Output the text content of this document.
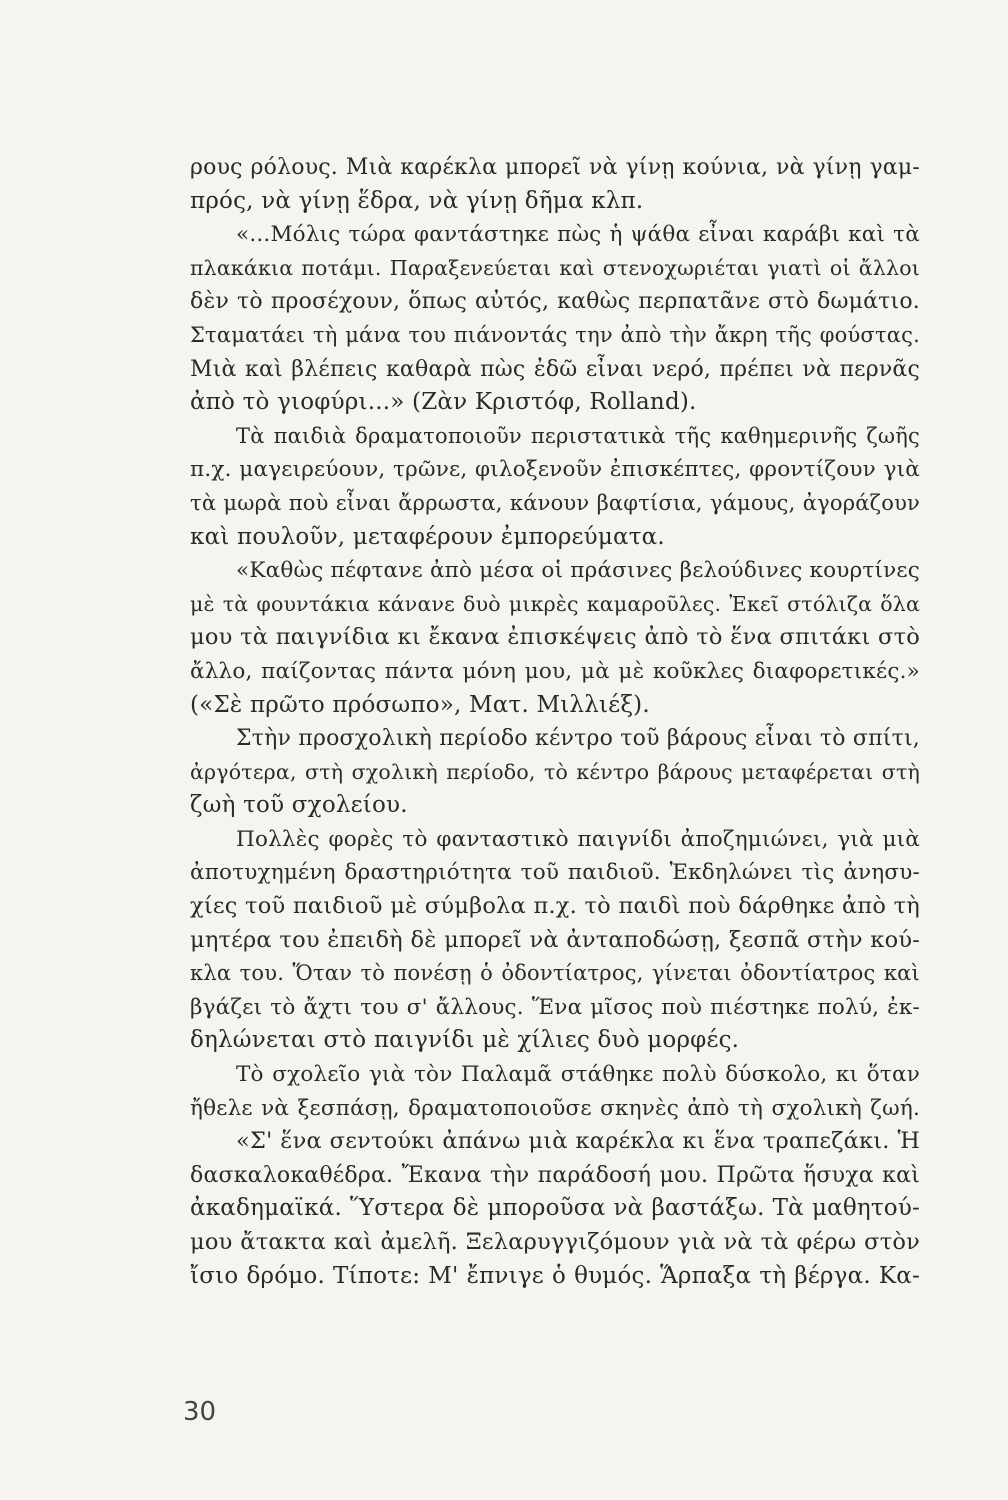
ρους ρόλους. Μιὰ καρέκλα μπορεῖ νὰ γίνῃ κούνια, νὰ γίνῃ γαμ-
πρός, νὰ γίνῃ ἕδρα, νὰ γίνῃ δῆμα κλπ.
«...Μόλις τώρα φαντάστηκε πὼς ἡ ψάθα εἶναι καράβι καὶ τὰ
πλακάκια ποτάμι. Παραξενεύεται καὶ στενοχωριέται γιατὶ οἱ ἄλλοι
δὲν τὸ προσέχουν, ὅπως αὐτός, καθὼς περπατᾶνε στὸ δωμάτιο.
Σταματάει τὴ μάνα του πιάνοντάς την ἀπὸ τὴν ἄκρη τῆς φούστας.
Μιὰ καὶ βλέπεις καθαρὰ πὼς ἐδῶ εἶναι νερό, πρέπει νὰ περνᾶς
ἀπὸ τὸ γιοφύρι...» (Ζὰν Κριστόφ, Rolland).
Τὰ παιδιὰ δραματοποιοῦν περιστατικὰ τῆς καθημερινῆς ζωῆς
π.χ. μαγειρεύουν, τρῶνε, φιλοξενοῦν ἐπισκέπτες, φροντίζουν γιὰ
τὰ μωρὰ ποὺ εἶναι ἄρρωστα, κάνουν βαφτίσια, γάμους, ἀγοράζουν
καὶ πουλοῦν, μεταφέρουν ἐμπορεύματα.
«Καθὼς πέφτανε ἀπὸ μέσα οἱ πράσινες βελούδινες κουρτίνες
μὲ τὰ φουντάκια κάνανε δυὸ μικρὲς καμαροῦλες. Ἐκεῖ στόλιζα ὅλα
μου τὰ παιγνίδια κι ἔκανα ἐπισκέψεις ἀπὸ τὸ ἕνα σπιτάκι στὸ
ἄλλο, παίζοντας πάντα μόνη μου, μὰ μὲ κοῦκλες διαφορετικές.»
(«Σὲ πρῶτο πρόσωπο», Ματ. Μιλλιέξ).
Στὴν προσχολικὴ περίοδο κέντρο τοῦ βάρους εἶναι τὸ σπίτι,
ἀργότερα, στὴ σχολικὴ περίοδο, τὸ κέντρο βάρους μεταφέρεται στὴ
ζωὴ τοῦ σχολείου.
Πολλὲς φορὲς τὸ φανταστικὸ παιγνίδι ἀποζημιώνει, γιὰ μιὰ
ἀποτυχημένη δραστηριότητα τοῦ παιδιοῦ. Ἐκδηλώνει τὶς ἀνησυ-
χίες τοῦ παιδιοῦ μὲ σύμβολα π.χ. τὸ παιδὶ ποὺ δάρθηκε ἀπὸ τὴ
μητέρα του ἐπειδὴ δὲ μπορεῖ νὰ ἀνταποδώσῃ, ξεσπᾶ στὴν κού-
κλα του. Ὅταν τὸ πονέσῃ ὁ ὀδοντίατρος, γίνεται ὀδοντίατρος καὶ
βγάζει τὸ ἄχτι του σ' ἄλλους. Ἕνα μῖσος ποὺ πιέστηκε πολύ, ἐκ-
δηλώνεται στὸ παιγνίδι μὲ χίλιες δυὸ μορφές.
Τὸ σχολεῖο γιὰ τὸν Παλαμᾶ στάθηκε πολὺ δύσκολο, κι ὅταν
ἤθελε νὰ ξεσπάσῃ, δραματοποιοῦσε σκηνὲς ἀπὸ τὴ σχολικὴ ζωή.
«Σ' ἕνα σεντούκι ἀπάνω μιὰ καρέκλα κι ἕνα τραπεζάκι. Ἡ
δασκαλοκαθέδρα. Ἔκανα τὴν παράδοσή μου. Πρῶτα ἥσυχα καὶ
ἀκαδημαϊκά. Ὕστερα δὲ μποροῦσα νὰ βαστάξω. Τὰ μαθητού-
μου ἄτακτα καὶ ἀμελῆ. Ξελαρυγγιζόμουν γιὰ νὰ τὰ φέρω στὸν
ἴσιο δρόμο. Τίποτε: Μ' ἔπνιγε ὁ θυμός. Ἅρπαξα τὴ βέργα. Κα-
30
